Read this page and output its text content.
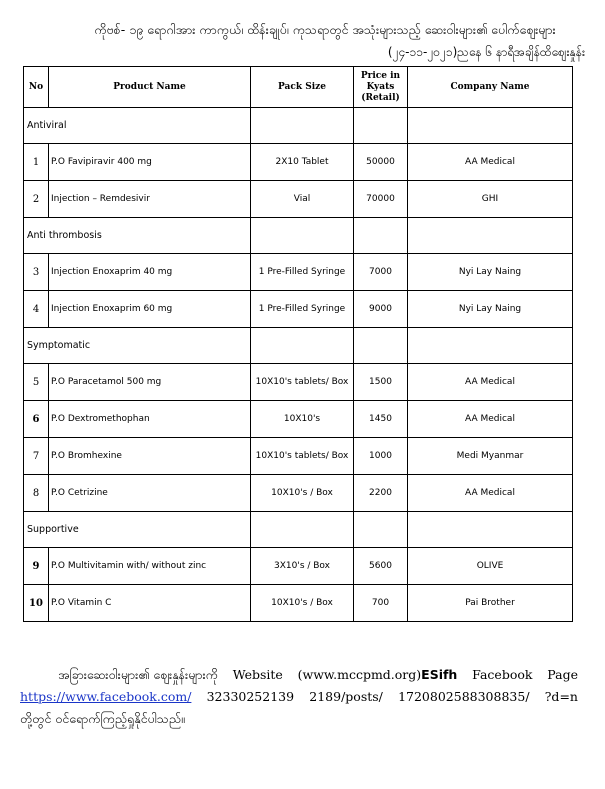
ကိုဗစ်- ၁၉ ရောဂါအား ကာကွယ်၊ ထိန်းချုပ်၊ ကုသရာတွင် အသုံးများသည့် ဆေးဝါးများ၏ ပေါက်ဈေးများ
(၂၄-၁၁-၂၀၂၁)ညနေ ၆ နာရီအချိန်ထိဈေးနှုန်း
No	Product Name	Pack Size	Price in Kyats (Retail)	Company Name
Antiviral				
1	P.O Favipiravir 400 mg	2X10 Tablet	50000	AA Medical
2	Injection – Remdesivir	Vial	70000	GHI
Anti thrombosis				
3	Injection Enoxaprim 40 mg	1 Pre-Filled Syringe	7000	Nyi Lay Naing
4	Injection Enoxaprim 60 mg	1 Pre-Filled Syringe	9000	Nyi Lay Naing
Symptomatic				
5	P.O Paracetamol 500 mg	10X10's tablets/ Box	1500	AA Medical
6	P.O Dextromethophan	10X10's	1450	AA Medical
7	P.O Bromhexine	10X10's tablets/ Box	1000	Medi Myanmar
8	P.O Cetrizine	10X10's / Box	2200	AA Medical
Supportive				
9	P.O Multivitamin with/ without zinc	3X10's / Box	5600	OLIVE
10	P.O Vitamin C	10X10's / Box	700	Pai Brother
အခြားဆေးဝါးများ၏ ဈေးနှုန်းများကို Website (www.mccpmd.org)ESifh Facebook Page
https://www.facebook.com/ 32330252139 2189/posts/ 1720802588308835/ ?d=n
တို့တွင် ဝင်ရောက်ကြည့်ရှုနိုင်ပါသည်။
